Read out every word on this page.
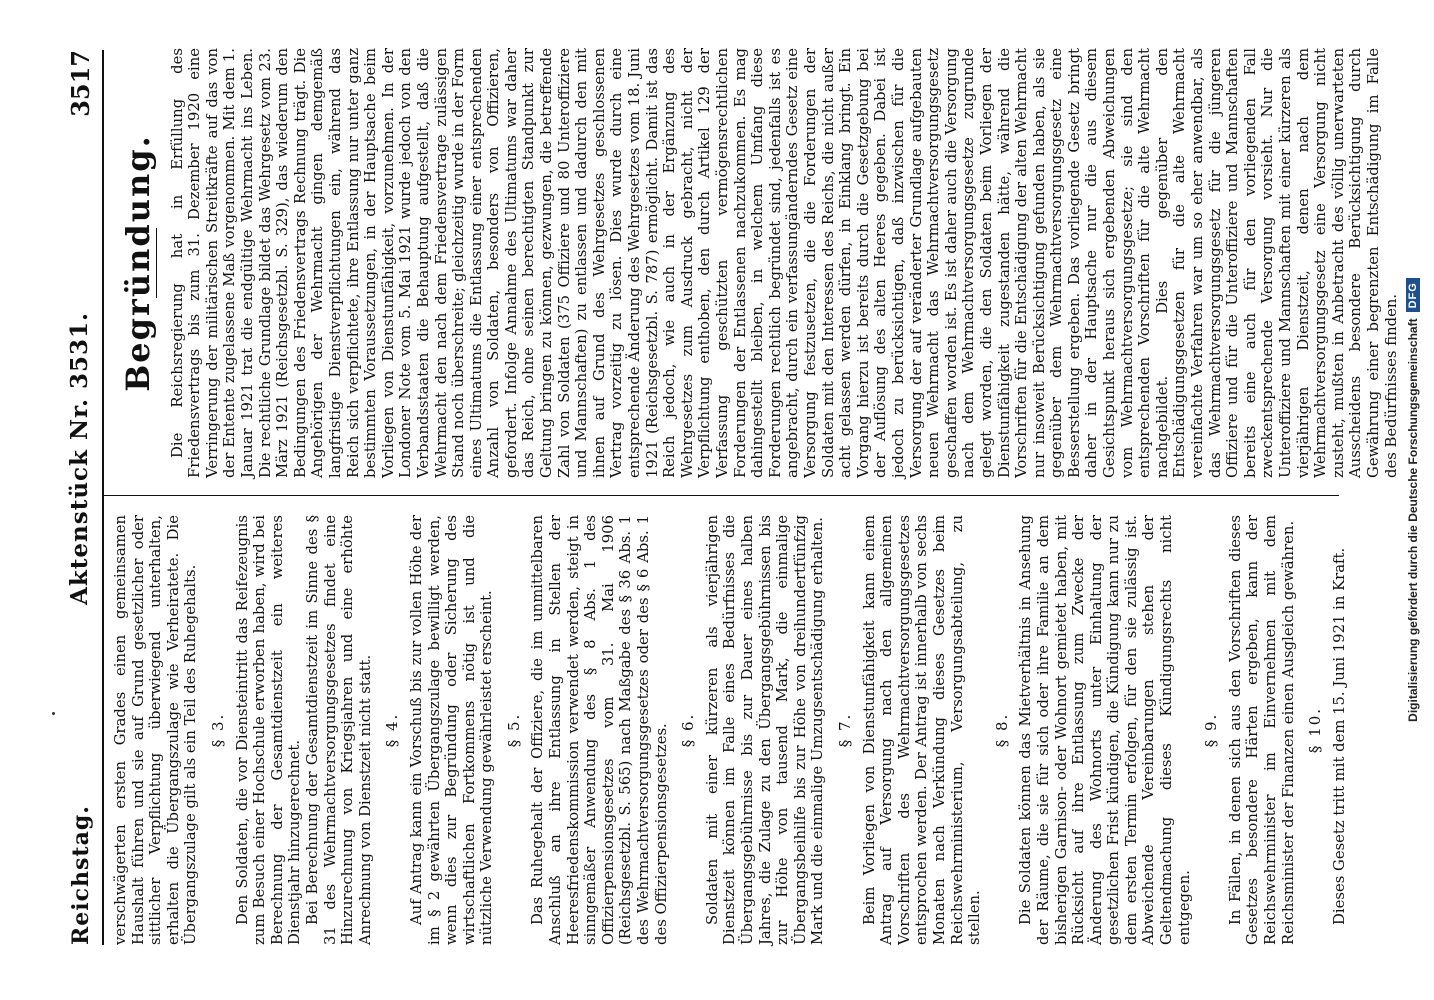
Reichstag.
Aktenstück Nr. 3531.
3517

verschwägerten ersten Grades einen gemeinsamen Haushalt führen und sie auf Grund gesetzlicher oder sittlicher Verpflichtung überwiegend unterhalten, erhalten die Übergangszulage wie Verheiratete. Die Übergangszulage gilt als ein Teil des Ruhegehalts. § 3. Den Soldaten, die vor Diensteintritt das Reifezeugnis zum Besuch einer Hochschule erworben haben, wird bei Berechnung der Gesamtdienstzeit ein weiteres Dienstjahr hinzugerechnet. Bei Berechnung der Gesamtdienstzeit im Sinne des § 31 des Wehrmachtversorgungsgesetzes findet eine Hinzurechnung von Kriegsjahren und eine erhöhte Anrechnung von Dienstzeit nicht statt. § 4. Auf Antrag kann ein Vorschuß bis zur vollen Höhe der im § 2 gewährten Übergangszulage bewilligt werden, wenn dies zur Begründung oder Sicherung des wirtschaftlichen Fortkommens nötig ist und die nützliche Verwendung gewährleistet erscheint. § 5. Das Ruhegehalt der Offiziere, die im unmittelbaren Anschluß an ihre Entlassung in Stellen der Heeresfriedenskommission verwendet werden, steigt in sinngemäßer Anwendung des § 8 Abs. 1 des Offizierpensionsgesetzes vom 31. Mai 1906 (Reichsgesetzbl. S. 565) nach Maßgabe des § 36 Abs. 1 des Wehrmachtversorgungsgesetzes oder des § 6 Abs. 1 des Offizierpensionsgesetzes. § 6. Soldaten mit einer kürzeren als vierjährigen Dienstzeit können im Falle eines Bedürfnisses die Übergangsgebührnisse bis zur Dauer eines halben Jahres, die Zulage zu den Übergangsgebührnissen bis zur Höhe von tausend Mark, die einmalige Übergangsbeihilfe bis zur Höhe von dreihundertfünfzig Mark und die einmalige Umzugsentschädigung erhalten. § 7. Beim Vorliegen von Dienstunfähigkeit kann einem Antrag auf Versorgung nach den allgemeinen Vorschriften des Wehrmachtversorgungsgesetzes entsprochen werden. Der Antrag ist innerhalb von sechs Monaten nach Verkündung dieses Gesetzes beim Reichswehrministerium, Versorgungsabteilung, zu stellen.

§ 8. Die Soldaten können das Mietverhältnis in Ansehung der Räume, die sie für sich oder ihre Familie an dem bisherigen Garnison- oder Wohnort gemietet haben, mit Rücksicht auf ihre Entlassung zum Zwecke der Änderung des Wohnorts unter Einhaltung der gesetzlichen Frist kündigen, die Kündigung kann nur zu dem ersten Termin erfolgen, für den sie zulässig ist. Abweichende Vereinbarungen stehen der Geltendmachung dieses Kündigungsrechts nicht entgegen.

§ 9. In Fällen, in denen sich aus den Vorschriften dieses Gesetzes besondere Härten ergeben, kann der Reichswehrminister im Einvernehmen mit dem Reichsminister der Finanzen einen Ausgleich gewähren. § 10. Dieses Gesetz tritt mit dem 15. Juni 1921 in Kraft.

Begründung. Die Reichsregierung hat in Erfüllung des Friedensvertrags bis zum 31. Dezember 1920 eine Verringerung der militärischen Streitkräfte auf das von der Entente zugelassene Maß vorgenommen. Mit dem 1. Januar 1921 trat die endgültige Wehrmacht ins Leben. Die rechtliche Grundlage bildet das Wehrgesetz vom 23. März 1921 (Reichsgesetzbl. S. 329), das wiederum den Bedingungen des Friedensvertrags Rechnung trägt. Die Angehörigen der Wehrmacht gingen demgemäß langfristige Dienstverpflichtungen ein, während das Reich sich verpflichtete, ihre Entlassung nur unter ganz bestimmten Voraussetzungen, in der Hauptsache beim Vorliegen von Dienstunfähigkeit, vorzunehmen. In der Londoner Note vom 5. Mai 1921 wurde jedoch von den Verbandsstaaten die Behauptung aufgestellt, daß die Wehrmacht den nach dem Friedensvertrage zulässigen Stand noch überschreite; gleichzeitig wurde in der Form eines Ultimatums die Entlassung einer entsprechenden Anzahl von Soldaten, besonders von Offizieren, gefordert. Infolge Annahme des Ultimatums war daher das Reich, ohne seinen berechtigten Standpunkt zur Geltung bringen zu können, gezwungen, die betreffende Zahl von Soldaten (375 Offiziere und 80 Unteroffiziere und Mannschaften) zu entlassen und dadurch den mit ihnen auf Grund des Wehrgesetzes geschlossenen Vertrag vorzeitig zu lösen. Dies wurde durch eine entsprechende Änderung des Wehrgesetzes vom 18. Juni 1921 (Reichsgesetzbl. S. 787) ermöglicht. Damit ist das Reich jedoch, wie auch in der Ergänzung des Wehrgesetzes zum Ausdruck gebracht, nicht der Verpflichtung enthoben, den durch Artikel 129 der Verfassung geschützten vermögensrechtlichen Forderungen der Entlassenen nachzukommen. Es mag dahingestellt bleiben, in welchem Umfang diese Forderungen rechtlich begründet sind, jedenfalls ist es angebracht, durch ein verfassungänderndes Gesetz eine Versorgung festzusetzen, die die Forderungen der Soldaten mit den Interessen des Reichs, die nicht außer acht gelassen werden dürfen, in Einklang bringt. Ein Vorgang hierzu ist bereits durch die Gesetzgebung bei der Auflösung des alten Heeres gegeben. Dabei ist jedoch zu berücksichtigen, daß inzwischen für die Versorgung der auf veränderter Grundlage aufgebauten neuen Wehrmacht das Wehrmachtversorgungsgesetz geschaffen worden ist. Es ist daher auch die Versorgung nach dem Wehrmachtversorgungsgesetze zugrunde gelegt worden, die den Soldaten beim Vorliegen der Dienstunfähigkeit zugestanden hätte, während die Vorschriften für die Entschädigung der alten Wehrmacht nur insoweit Berücksichtigung gefunden haben, als sie gegenüber dem Wehrmachtversorgungsgesetz eine Besserstellung ergeben. Das vorliegende Gesetz bringt daher in der Hauptsache nur die aus diesem Gesichtspunkt heraus sich ergebenden Abweichungen vom Wehrmachtversorgungsgesetze; sie sind den entsprechenden Vorschriften für die alte Wehrmacht nachgebildet. Dies gegenüber den Entschädigungsgesetzen für die alte Wehrmacht vereinfachte Verfahren war um so eher anwendbar, als das Wehrmachtversorgungsgesetz für die jüngeren Offiziere und für die Unteroffiziere und Mannschaften bereits eine auch für den vorliegenden Fall zweckentsprechende Versorgung vorsieht. Nur die Unteroffiziere und Mannschaften mit einer kürzeren als vierjährigen Dienstzeit, denen nach dem Wehrmachtversorgungsgesetz eine Versorgung nicht zusteht, mußten in Anbetracht des völlig unerwarteten Ausscheidens besondere Berücksichtigung durch Gewährung einer begrenzten Entschädigung im Falle des Bedürfnisses finden. Digitalisierung gefördert durch die Deutsche Forschungsgemeinschaft
DFG
